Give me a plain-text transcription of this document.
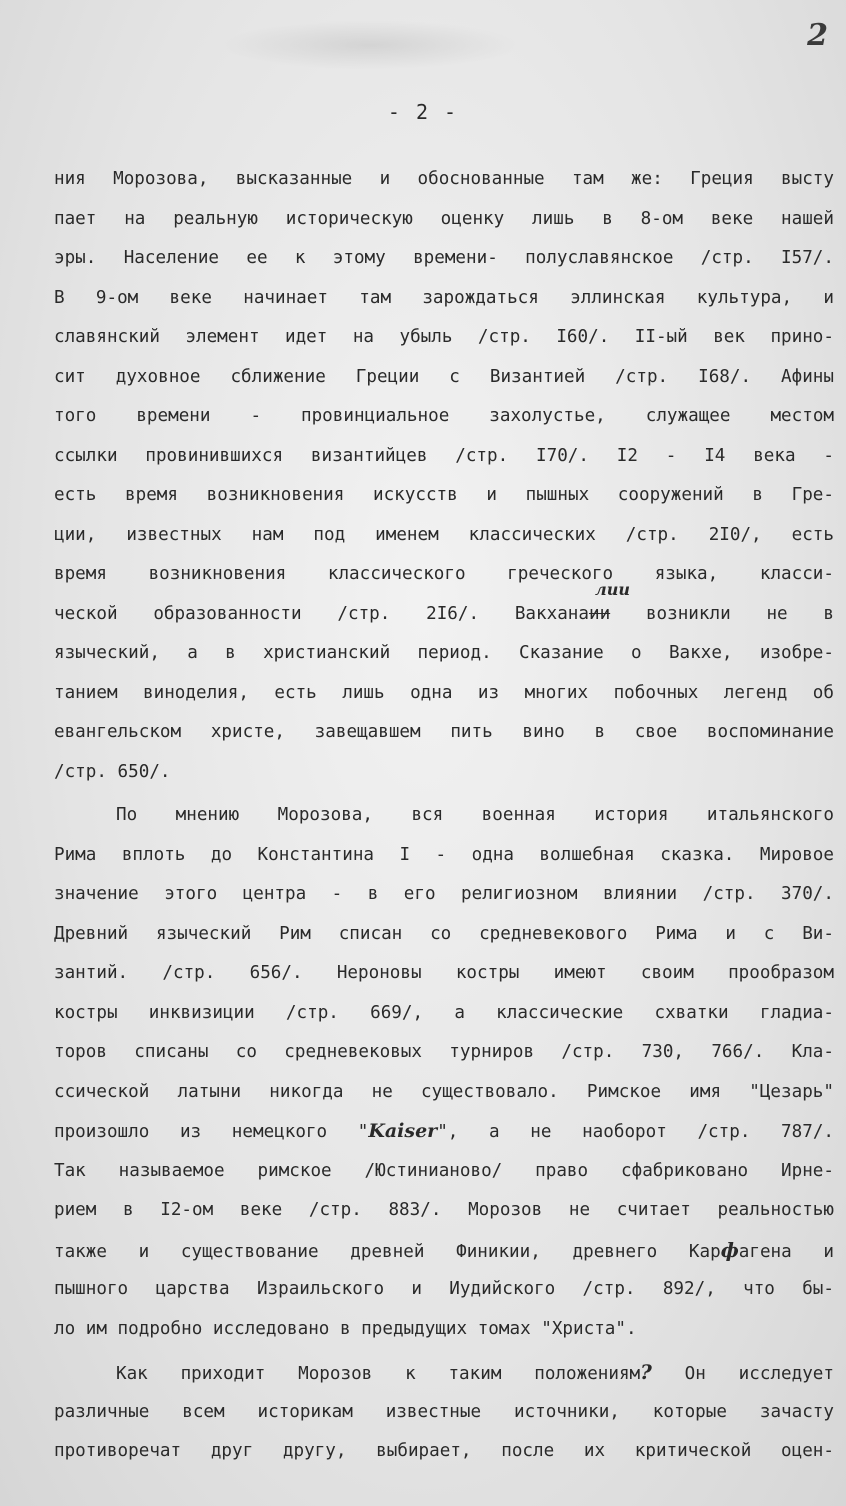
2
- 2 -
ния Морозова, высказанные и обоснованные там же: Греция высту
пает на реальную историческую оценку лишь в 8-ом веке нашей
эры. Население ее к этому времени- полуславянское /стр. I57/.
В 9-ом веке начинает там зарождаться эллинская культура, и
славянский элемент идет на убыль /стр. I60/. II-ый век прино-
сит духовное сближение Греции с Византией /стр. I68/. Афины
того времени - провинциальное захолустье, служащее местом
ссылки провинившихся византийцев /стр. I70/. I2 - I4 века -
есть время возникновения искусств и пышных сооружений в Гре-
ции, известных нам под именем классических /стр. 2I0/, есть
время возникновения классического греческого языка, класси-
ческой образованности /стр. 2I6/. Вакханаии
лии
возникли не в
языческий, а в христианский период. Сказание о Вакхе, изобре-
танием виноделия, есть лишь одна из многих побочных легенд об
евангельском христе, завещавшем пить вино в свое воспоминание
/стр. 650/.
По мнению Морозова, вся военная история итальянского
Рима вплоть до Константина I - одна волшебная сказка. Мировое
значение этого центра - в его религиозном влиянии /стр. 370/.
Древний языческий Рим списан со средневекового Рима и с Ви-
зантий. /стр. 656/. Нероновы костры имеют своим прообразом
костры инквизиции /стр. 669/, а классические схватки гладиа-
торов списаны со средневековых турниров /стр. 730, 766/. Кла-
ссической латыни никогда не существовало. Римское имя "Цезарь"
произошло из немецкого "Kaiser", а не наоборот /стр. 787/.
Так называемое римское /Юстинианово/ право сфабриковано Ирне-
рием в I2-ом веке /стр. 883/. Морозов не считает реальностью
также и существование древней Финикии, древнего Карфагена и
пышного царства Израильского и Иудийского /стр. 892/, что бы-
ло им подробно исследовано в предыдущих томах "Христа".
Как приходит Морозов к таким положениям? Он исследует
различные всем историкам известные источники, которые зачасту
противоречат друг другу, выбирает, после их критической оцен-
